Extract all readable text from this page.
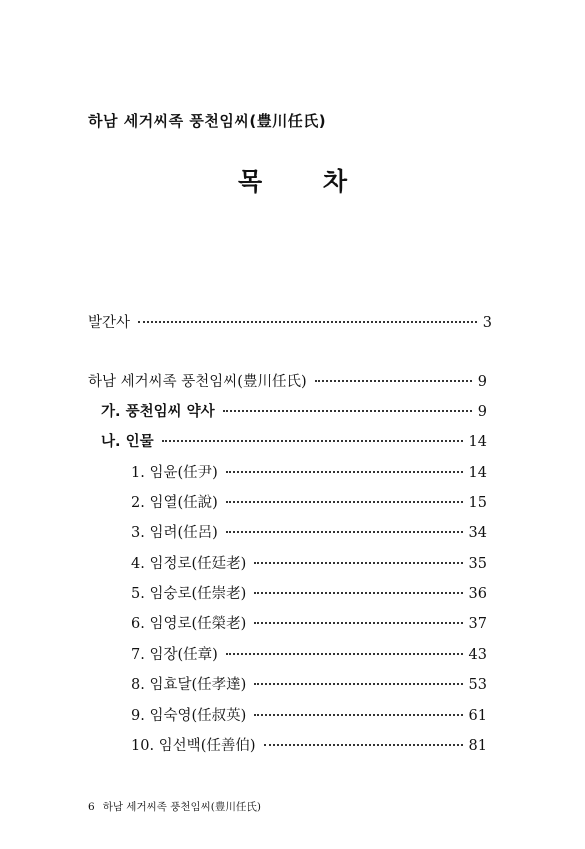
하남 세거씨족 풍천임씨(豊川任氏)
목 차
발간사	3
하남 세거씨족 풍천임씨(豊川任氏)	9
가. 풍천임씨 약사	9
나. 인물	14
1. 임윤(任尹)	14
2. 임열(任說)	15
3. 임려(任呂)	34
4. 임정로(任廷老)	35
5. 임숭로(任崇老)	36
6. 임영로(任榮老)	37
7. 임장(任章)	43
8. 임효달(任孝達)	53
9. 임숙영(任叔英)	61
10. 임선백(任善伯)	81
6 하남 세거씨족 풍천임씨(豊川任氏)
